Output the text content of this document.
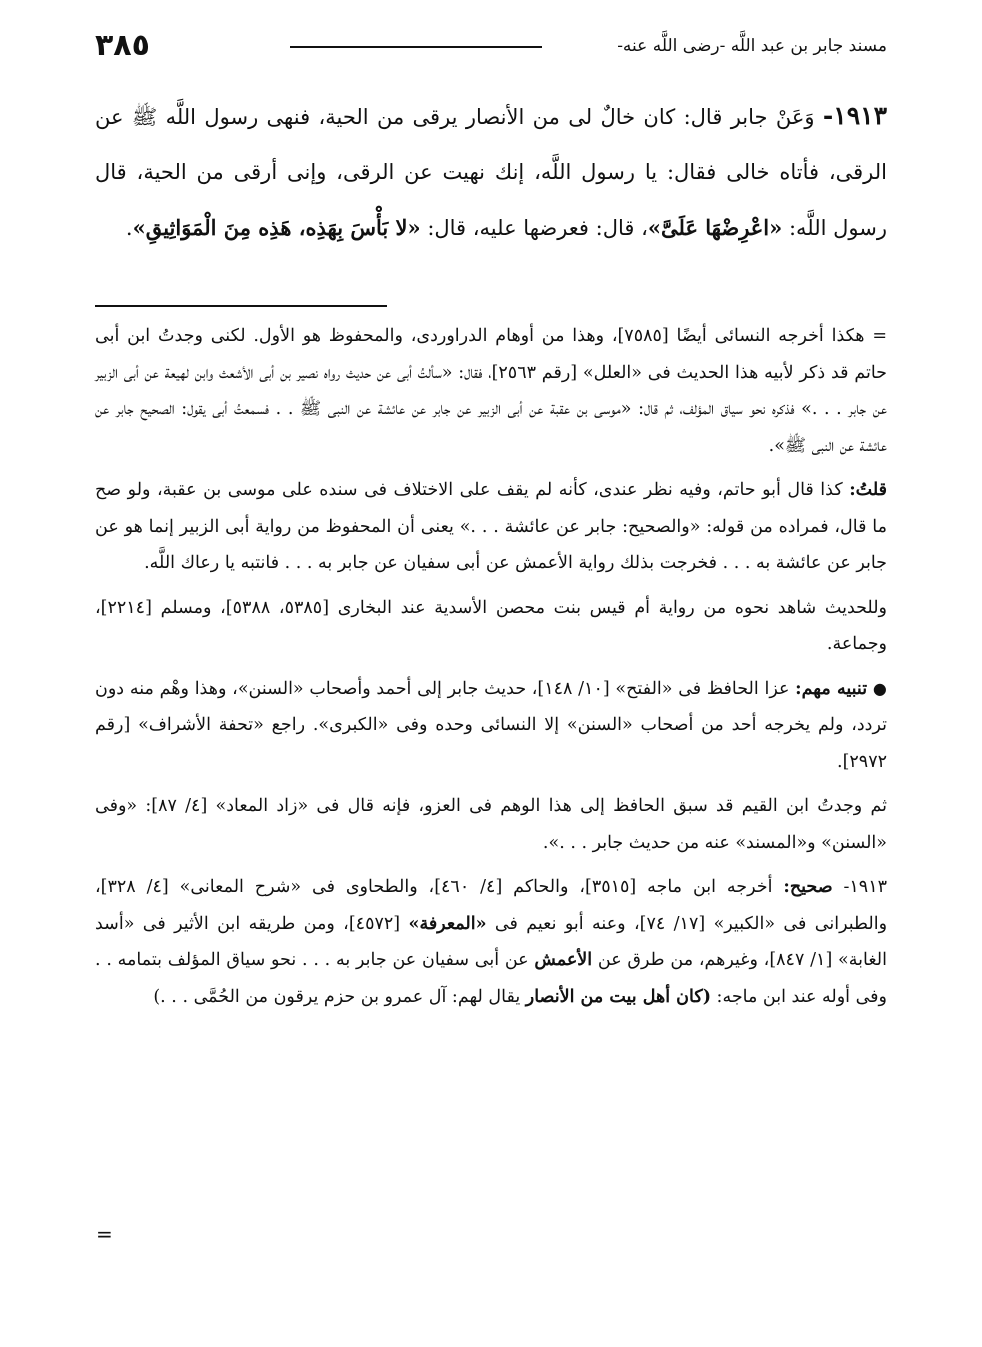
مسند جابر بن عبد اللَّه -رضى اللَّه عنه-
٣٨٥
١٩١٣- وَعَنْ جابر قال: كان خالٌ لى من الأنصار يرقى من الحية، فنهى رسول اللَّه ﷺ عن الرقى، فأتاه خالى فقال: يا رسول اللَّه، إنك نهيت عن الرقى، وإنى أرقى من الحية، قال رسول اللَّه: «اعْرِضْهَا عَلَىَّ»، قال: فعرضها عليه، قال: «لا بَأْسَ بِهَذِه، هَذِه مِنَ الْمَوَاثِيقِ».

= هكذا أخرجه النسائى أيضًا [٧٥٨٥]، وهذا من أوهام الدراوردى، والمحفوظ هو الأول. لكنى وجدتُ ابن أبى حاتم قد ذكر لأبيه هذا الحديث فى «العلل» [رقم ٢٥٦٣]، فقال: «سألتُ أبى عن حديث رواه نصير بن أبى الأشعث وابن لهيعة عن أبى الزبير عن جابر . . .» فذكره نحو سياق المؤلف، ثم قال: «موسى بن عقبة عن أبى الزبير عن جابر عن عائشة عن النبى ﷺ . . فسمعتُ أبى يقول: الصحيح جابر عن عائشة عن النبى ﷺ».

قلتُ: كذا قال أبو حاتم، وفيه نظر عندى، كأنه لم يقف على الاختلاف فى سنده على موسى بن عقبة، ولو صح ما قال، فمراده من قوله: «والصحيح: جابر عن عائشة . . .» يعنى أن المحفوظ من رواية أبى الزبير إنما هو عن جابر عن عائشة به . . . فخرجت بذلك رواية الأعمش عن أبى سفيان عن جابر به . . . فانتبه يا رعاك اللَّه.

وللحديث شاهد نحوه من رواية أم قيس بنت محصن الأسدية عند البخارى [٥٣٨٥، ٥٣٨٨]، ومسلم [٢٢١٤]، وجماعة.

● تنبيه مهم: عزا الحافظ فى «الفتح» [١٠/ ١٤٨]، حديث جابر إلى أحمد وأصحاب «السنن»، وهذا وهْم منه دون تردد، ولم يخرجه أحد من أصحاب «السنن» إلا النسائى وحده وفى «الكبرى». راجع «تحفة الأشراف» [رقم ٢٩٧٢].

ثم وجدتُ ابن القيم قد سبق الحافظ إلى هذا الوهم فى العزو، فإنه قال فى «زاد المعاد» [٤/ ٨٧]: «وفى «السنن» و«المسند» عنه من حديث جابر . . .».

١٩١٣- صحيح: أخرجه ابن ماجه [٣٥١٥]، والحاكم [٤/ ٤٦٠]، والطحاوى فى «شرح المعانى» [٤/ ٣٢٨]، والطبرانى فى «الكبير» [١٧/ ٧٤]، وعنه أبو نعيم فى «المعرفة» [٤٥٧٢]، ومن طريقه ابن الأثير فى «أسد الغابة» [١/ ٨٤٧]، وغيرهم، من طرق عن الأعمش عن أبى سفيان عن جابر به . . . نحو سياق المؤلف بتمامه . . وفى أوله عند ابن ماجه: (كان أهل بيت من الأنصار يقال لهم: آل عمرو بن حزم يرقون من الحُمَّى . . .)

=
